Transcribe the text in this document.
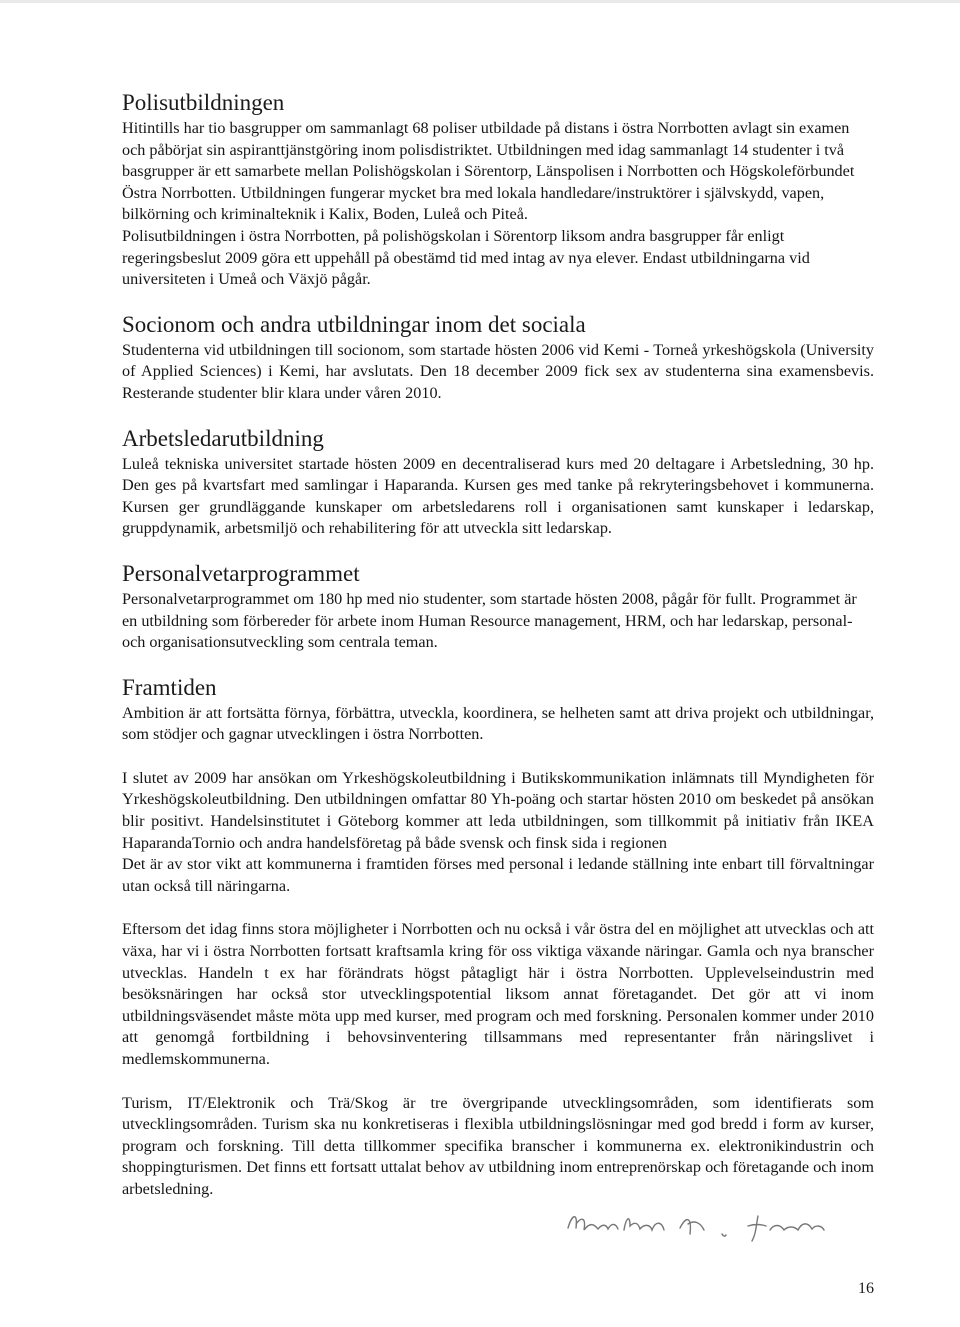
Polisutbildningen

Hitintills har tio basgrupper om sammanlagt 68 poliser utbildade på distans i östra Norrbotten avlagt sin examen och påbörjat sin aspiranttjänstgöring inom polisdistriktet. Utbildningen med idag sammanlagt 14 studenter i två basgrupper är ett samarbete mellan Polishögskolan i Sörentorp, Länspolisen i Norrbotten och Högskoleförbundet Östra Norrbotten. Utbildningen fungerar mycket bra med lokala handledare/instruktörer i självskydd, vapen, bilkörning och kriminalteknik i Kalix, Boden, Luleå och Piteå.

Polisutbildningen i östra Norrbotten, på polishögskolan i Sörentorp liksom andra basgrupper får enligt regeringsbeslut 2009 göra ett uppehåll på obestämd tid med intag av nya elever. Endast utbildningarna vid universiteten i Umeå och Växjö pågår.

Socionom och andra utbildningar inom det sociala

Studenterna vid utbildningen till socionom, som startade hösten 2006 vid Kemi - Torneå yrkeshögskola (University of Applied Sciences) i Kemi, har avslutats. Den 18 december 2009 fick sex av studenterna sina examensbevis. Resterande studenter blir klara under våren 2010.

Arbetsledarutbildning

Luleå tekniska universitet startade hösten 2009 en decentraliserad kurs med 20 deltagare i Arbetsledning, 30 hp. Den ges på kvartsfart med samlingar i Haparanda. Kursen ges med tanke på rekryteringsbehovet i kommunerna. Kursen ger grundläggande kunskaper om arbetsledarens roll i organisationen samt kunskaper i ledarskap, gruppdynamik, arbetsmiljö och rehabilitering för att utveckla sitt ledarskap.

Personalvetarprogrammet

Personalvetarprogrammet om 180 hp med nio studenter, som startade hösten 2008, pågår för fullt. Programmet är en utbildning som förbereder för arbete inom Human Resource management, HRM, och har ledarskap, personal- och organisationsutveckling som centrala teman.

Framtiden

Ambition är att fortsätta förnya, förbättra, utveckla, koordinera, se helheten samt att driva projekt och utbildningar, som stödjer och gagnar utvecklingen i östra Norrbotten.

I slutet av 2009 har ansökan om Yrkeshögskoleutbildning i Butikskommunikation inlämnats till Myndigheten för Yrkeshögskoleutbildning. Den utbildningen omfattar 80 Yh-poäng och startar hösten 2010 om beskedet på ansökan blir positivt. Handelsinstitutet i Göteborg kommer att leda utbildningen, som tillkommit på initiativ från IKEA HaparandaTornio och andra handelsföretag på både svensk och finsk sida i regionen

Det är av stor vikt att kommunerna i framtiden förses med personal i ledande ställning inte enbart till förvaltningar utan också till näringarna.

Eftersom det idag finns stora möjligheter i Norrbotten och nu också i vår östra del en möjlighet att utvecklas och att växa, har vi i östra Norrbotten fortsatt kraftsamla kring för oss viktiga växande näringar. Gamla och nya branscher utvecklas. Handeln t ex har förändrats högst påtagligt här i östra Norrbotten. Upplevelseindustrin med besöksnäringen har också stor utvecklingspotential liksom annat företagandet. Det gör att vi inom utbildningsväsendet måste möta upp med kurser, med program och med forskning. Personalen kommer under 2010 att genomgå fortbildning i behovsinventering tillsammans med representanter från näringslivet i medlemskommunerna.

Turism, IT/Elektronik och Trä/Skog är tre övergripande utvecklingsområden, som identifierats som utvecklingsområden. Turism ska nu konkretiseras i flexibla utbildningslösningar med god bredd i form av kurser, program och forskning. Till detta tillkommer specifika branscher i kommunerna ex. elektronikindustrin och shoppingturismen. Det finns ett fortsatt uttalat behov av utbildning inom entreprenörskap och företagande och inom arbetsledning.

16
